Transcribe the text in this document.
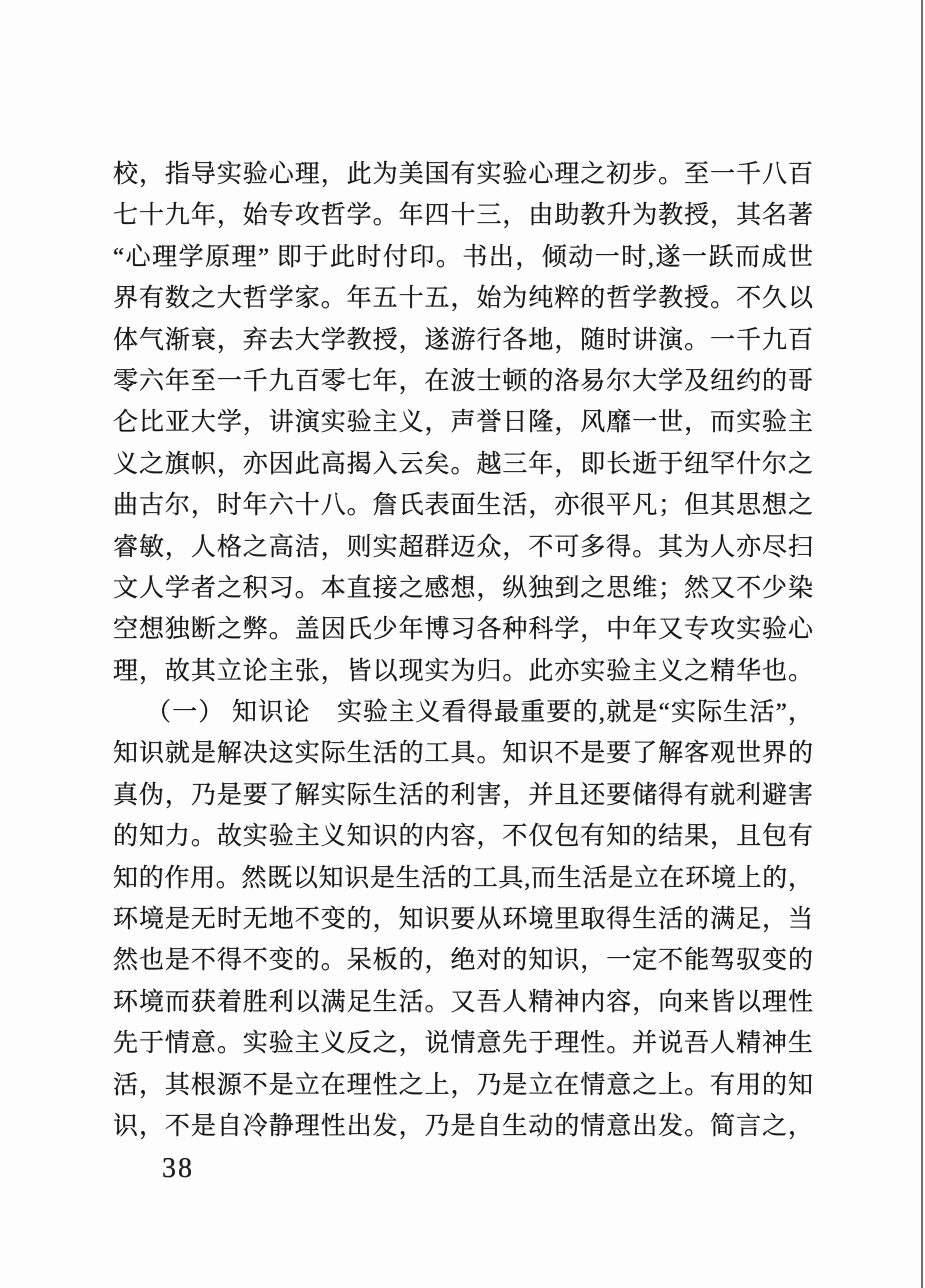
校，指导实验心理，此为美国有实验心理之初步。至一千八百
七十九年，始专攻哲学。年四十三，由助教升为教授，其名著
“心理学原理” 即于此时付印。书出，倾动一时,遂一跃而成世
界有数之大哲学家。年五十五，始为纯粹的哲学教授。不久以
体气渐衰，弃去大学教授，遂游行各地，随时讲演。一千九百
零六年至一千九百零七年，在波士顿的洛易尔大学及纽约的哥
仑比亚大学，讲演实验主义，声誉日隆，风靡一世，而实验主
义之旗帜，亦因此高揭入云矣。越三年，即长逝于纽罕什尔之
曲古尔，时年六十八。詹氏表面生活，亦很平凡；但其思想之
睿敏，人格之高洁，则实超群迈众，不可多得。其为人亦尽扫
文人学者之积习。本直接之感想，纵独到之思维；然又不少染
空想独断之弊。盖因氏少年博习各种科学，中年又专攻实验心
理，故其立论主张，皆以现实为归。此亦实验主义之精华也。
（一） 知识论　实验主义看得最重要的,就是“实际生活”，
知识就是解决这实际生活的工具。知识不是要了解客观世界的
真伪，乃是要了解实际生活的利害，并且还要储得有就利避害
的知力。故实验主义知识的内容，不仅包有知的结果，且包有
知的作用。然既以知识是生活的工具,而生活是立在环境上的，
环境是无时无地不变的，知识要从环境里取得生活的满足，当
然也是不得不变的。呆板的，绝对的知识，一定不能驾驭变的
环境而获着胜利以满足生活。又吾人精神内容，向来皆以理性
先于情意。实验主义反之，说情意先于理性。并说吾人精神生
活，其根源不是立在理性之上，乃是立在情意之上。有用的知
识，不是自冷静理性出发，乃是自生动的情意出发。简言之，
38
